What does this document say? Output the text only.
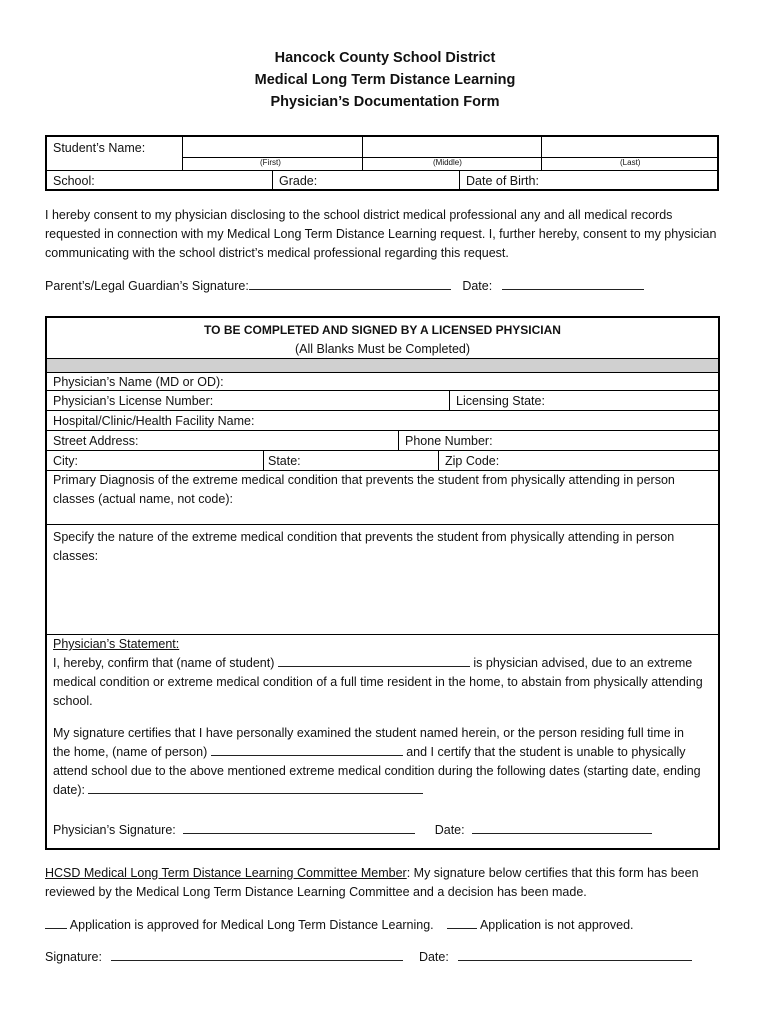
Hancock County School District
Medical Long Term Distance Learning
Physician’s Documentation Form
Student’s Name:
(First)	(Middle)	(Last)
School:	Grade:	Date of Birth:
I hereby consent to my physician disclosing to the school district medical professional any and all medical records requested in connection with my Medical Long Term Distance Learning request. I, further hereby, consent to my physician communicating with the school district’s medical professional regarding this request.
Parent’s/Legal Guardian’s Signature:	Date:
TO BE COMPLETED AND SIGNED BY A LICENSED PHYSICIAN
(All Blanks Must be Completed)
Physician’s Name (MD or OD):
Physician’s License Number:	Licensing State:
Hospital/Clinic/Health Facility Name:
Street Address:	Phone Number:
City:	State:	Zip Code:
Primary Diagnosis of the extreme medical condition that prevents the student from physically attending in person classes (actual name, not code):
Specify the nature of the extreme medical condition that prevents the student from physically attending in person classes:
Physician’s Statement:
I, hereby, confirm that (name of student)	is physician advised, due to an extreme medical condition or extreme medical condition of a full time resident in the home, to abstain from physically attending school.
My signature certifies that I have personally examined the student named herein, or the person residing full time in the home, (name of person)	and I certify that the student is unable to physically attend school due to the above mentioned extreme medical condition during the following dates (starting date, ending date):
Physician’s Signature:	Date:
HCSD Medical Long Term Distance Learning Committee Member: My signature below certifies that this form has been reviewed by the Medical Long Term Distance Learning Committee and a decision has been made.
Application is approved for Medical Long Term Distance Learning.	Application is not approved.
Signature:	Date:
